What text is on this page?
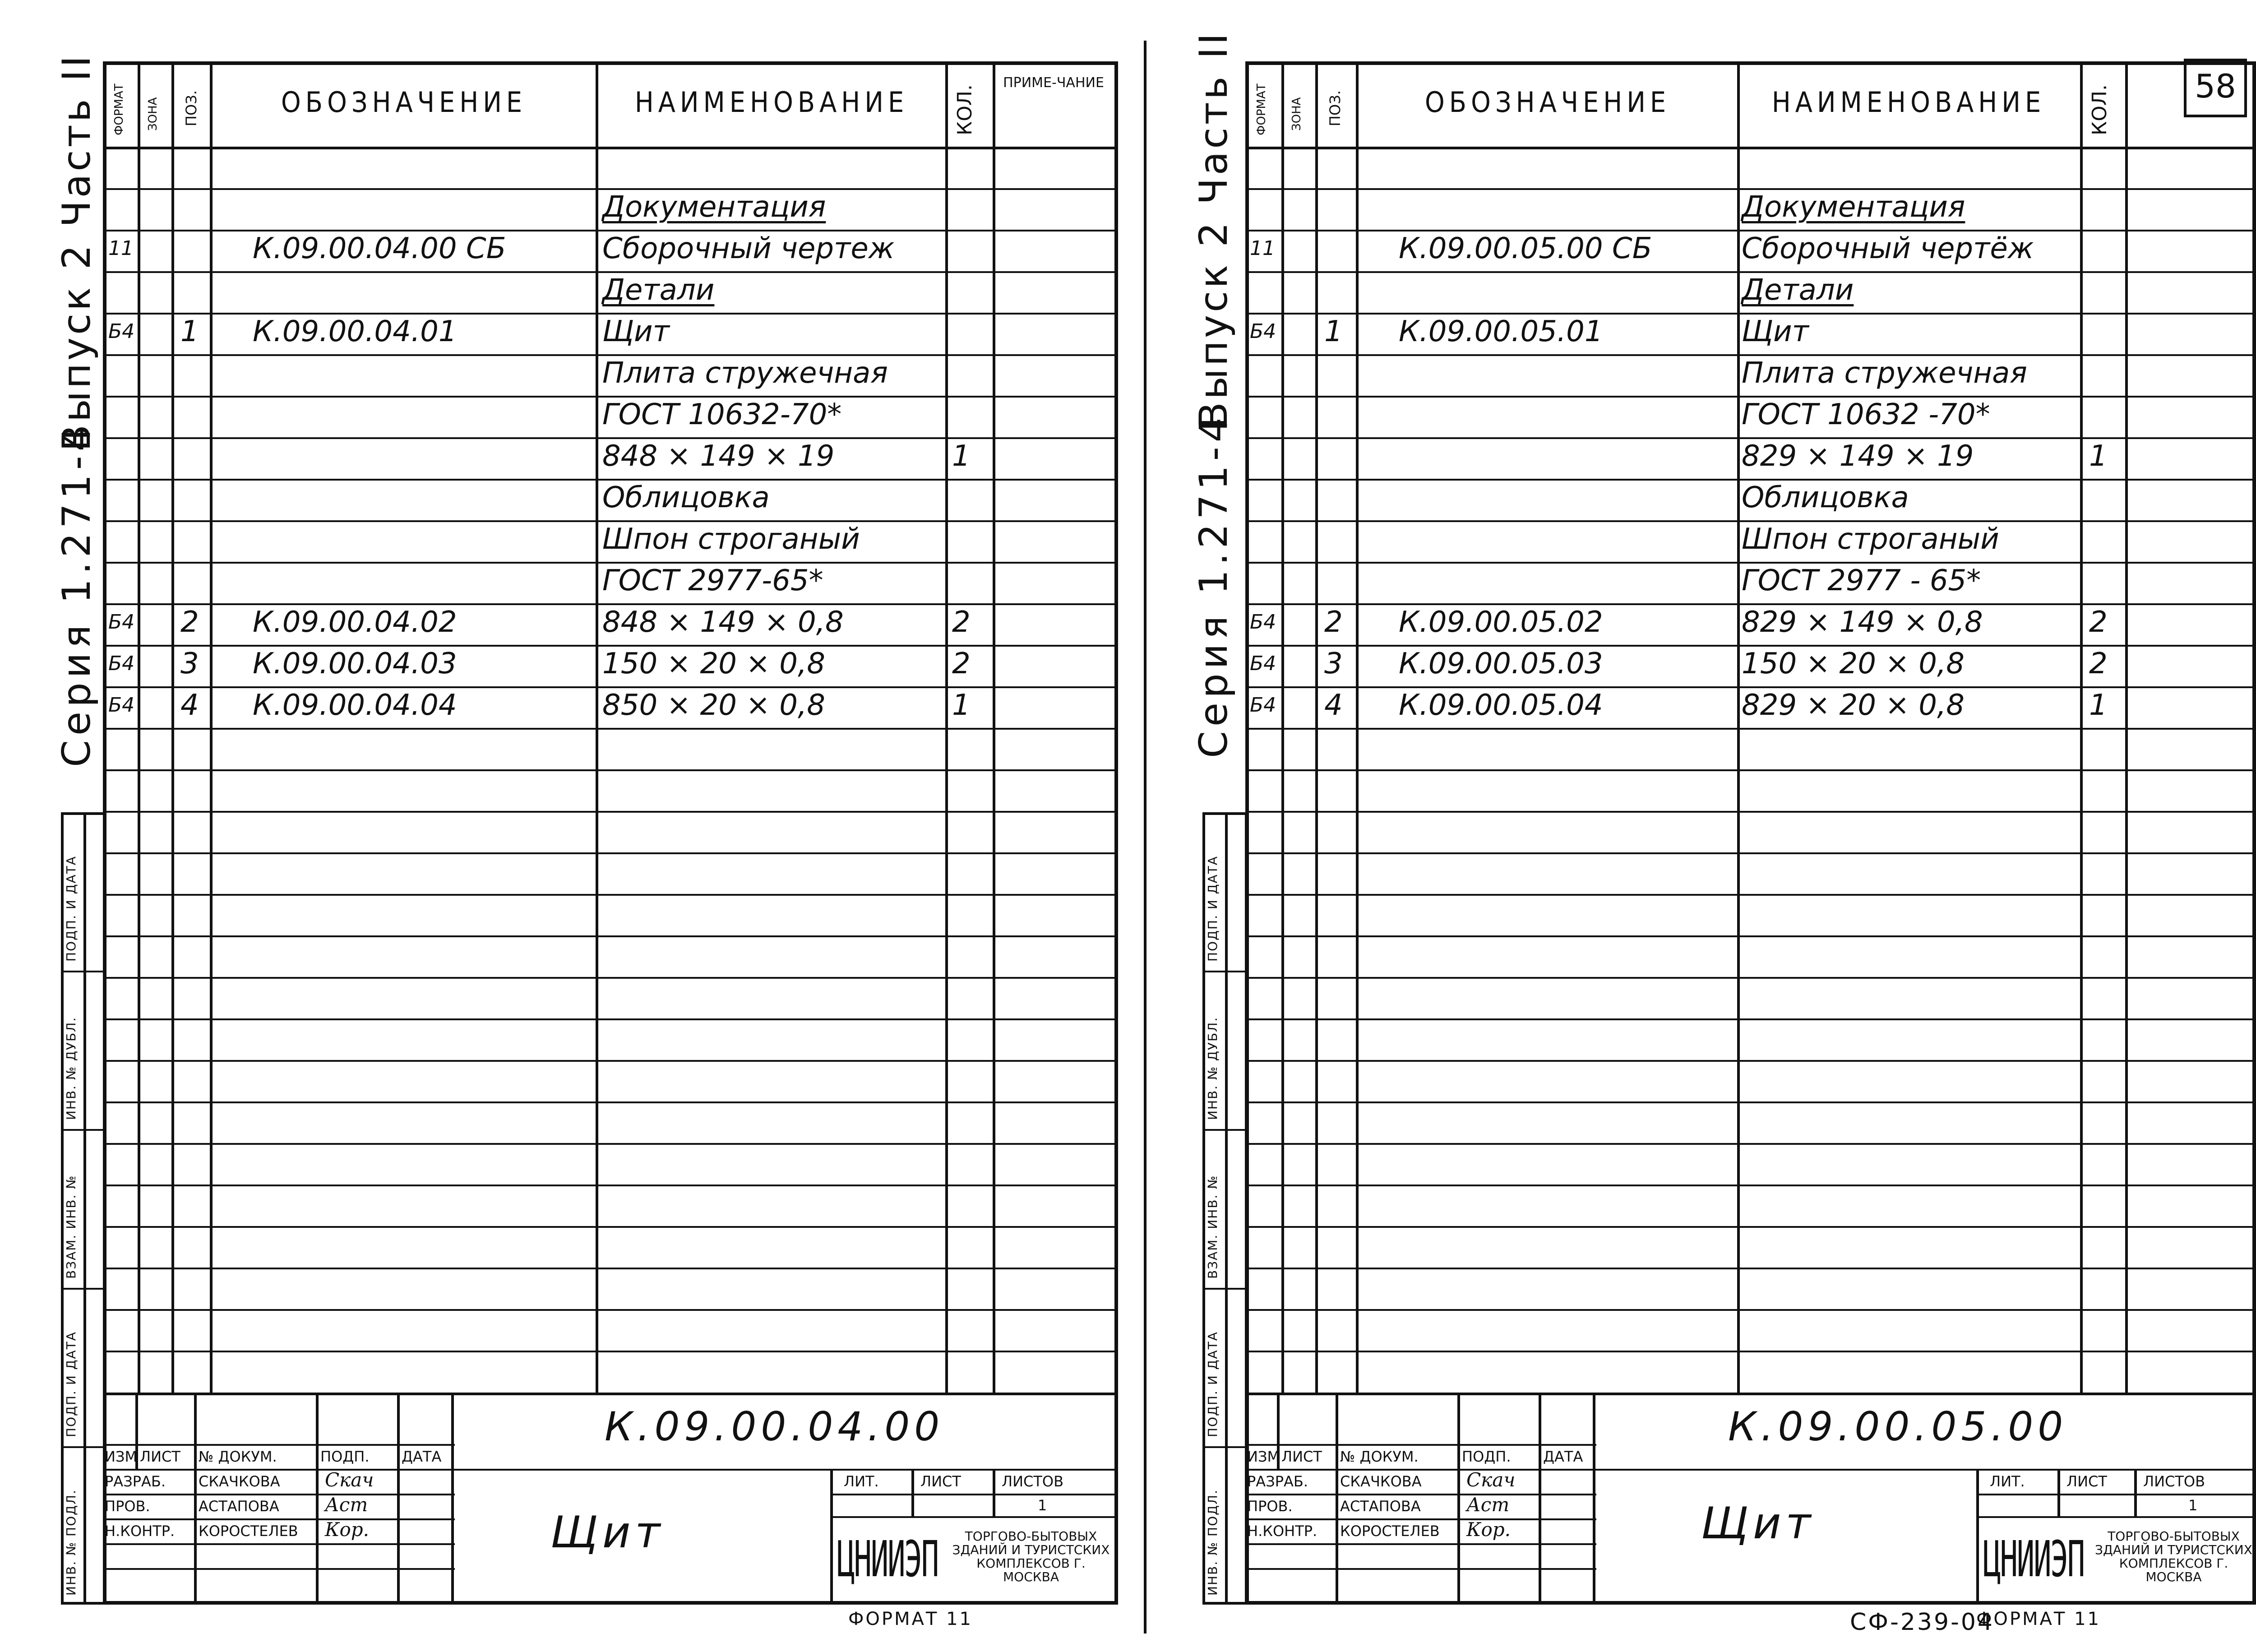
Выпуск 2 Часть II
Серия 1.271-4
ФОРМАТ ЗОНА ПОЗ.	ОБОЗНАЧЕНИЕ	НАИМЕНОВАНИЕ	КОЛ.
ПРИМЕ-ЧАНИЕ
Документация
11	К.09.00.04.00 СБ	Сборочный чертеж
Детали
Б4 1 К.09.00.04.01	Щит
Плита стружечная
ГОСТ 10632-70*
848 × 149 × 19	1
Облицовка
Шпон строганый
ГОСТ 2977-65*
Б4 2 К.09.00.04.02	848 × 149 × 0,8	2
Б4 3 К.09.00.04.03	150 × 20 × 0,8	2
Б4 4 К.09.00.04.04	850 × 20 × 0,8	1
ИНВ. № ПОДЛ.
ПОДП. И ДАТА
ВЗАМ. ИНВ. №
ИНВ. № ДУБЛ.
ПОДП. И ДАТА
ИЗМ ЛИСТ № ДОКУМ.	ПОДП. ДАТА
РАЗРАБ. СКАЧКОВА Скач
ПРОВ.	АСТАПОВА Аст
Н.КОНТР. КОРОСТЕЛЕВ Кор.
К.09.00.04.00
Щит
ЛИТ.	ЛИСТ	ЛИСТОВ
1
ЦНИИЭП	ТОРГОВО-БЫТОВЫХ ЗДАНИЙ И ТУРИСТСКИХ КОМПЛЕКСОВ Г. МОСКВА
ФОРМАТ 11
Выпуск 2 Часть II
Серия 1.271-4
ФОРМАТ ЗОНА ПОЗ.	ОБОЗНАЧЕНИЕ	НАИМЕНОВАНИЕ	КОЛ.	58
Документация
11	К.09.00.05.00 СБ	Сборочный чертёж
Детали
Б4 1 К.09.00.05.01	Щит
Плита стружечная
ГОСТ 10632 -70*
829 × 149 × 19	1
Облицовка
Шпон строганый
ГОСТ 2977 - 65*
Б4 2 К.09.00.05.02	829 × 149 × 0,8	2
Б4 3 К.09.00.05.03	150 × 20 × 0,8	2
Б4 4 К.09.00.05.04	829 × 20 × 0,8	1
ИНВ. № ПОДЛ.
ПОДП. И ДАТА
ВЗАМ. ИНВ. №
ИНВ. № ДУБЛ.
ПОДП. И ДАТА
ИЗМ ЛИСТ № ДОКУМ.	ПОДП. ДАТА
РАЗРАБ. СКАЧКОВА Скач
ПРОВ.	АСТАПОВА Аст
Н.КОНТР. КОРОСТЕЛЕВ Кор.
К.09.00.05.00
Щит
ЛИТ.	ЛИСТ	ЛИСТОВ
1
ЦНИИЭП	ТОРГОВО-БЫТОВЫХ ЗДАНИЙ И ТУРИСТСКИХ КОМПЛЕКСОВ Г. МОСКВА
СФ-239-04
ФОРМАТ 11
